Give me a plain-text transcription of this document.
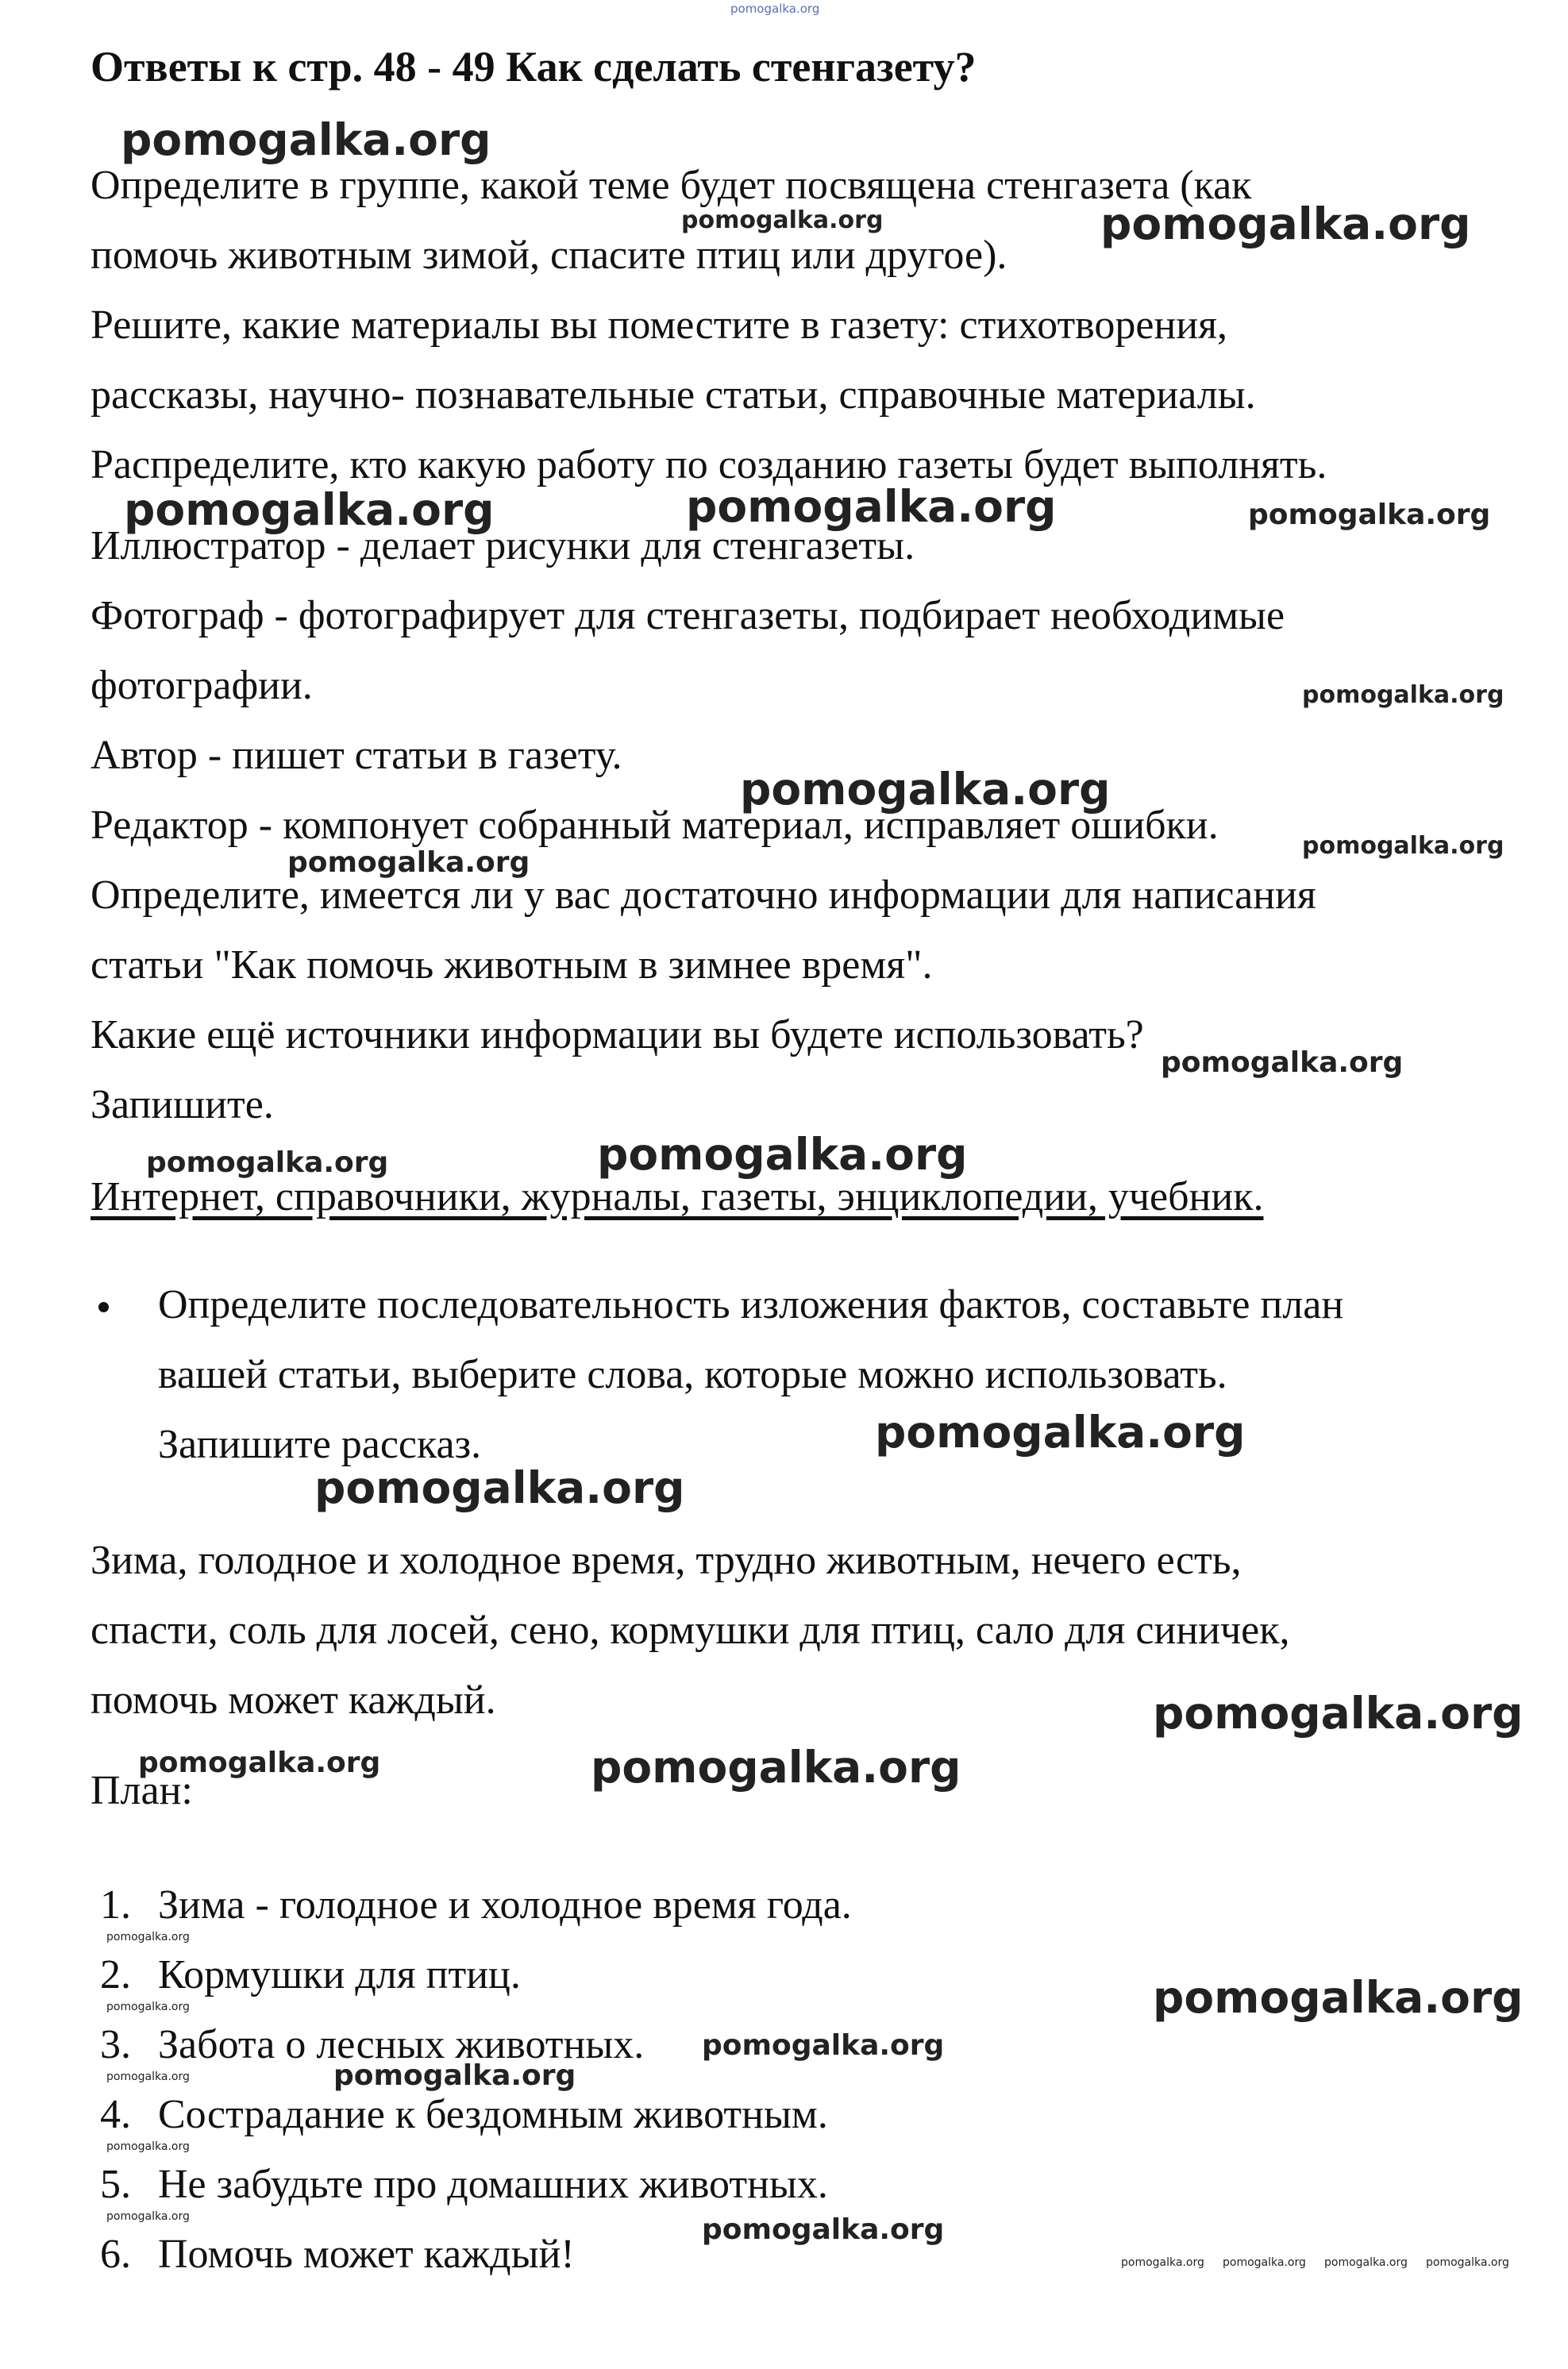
pomogalka.org
Ответы к стр. 48 - 49 Как сделать стенгазету?
Определите в группе, какой теме будет посвящена стенгазета (как
помочь животным зимой, спасите птиц или другое).
Решите, какие материалы вы поместите в газету: стихотворения,
рассказы, научно- познавательные статьи, справочные материалы.
Распределите, кто какую работу по созданию газеты будет выполнять.
Иллюстратор - делает рисунки для стенгазеты.
Фотограф - фотографирует для стенгазеты, подбирает необходимые
фотографии.
Автор - пишет статьи в газету.
Редактор - компонует собранный материал, исправляет ошибки.
Определите, имеется ли у вас достаточно информации для написания
статьи "Как помочь животным в зимнее время".
Какие ещё источники информации вы будете использовать?
Запишите.
Интернет, справочники, журналы, газеты, энциклопедии, учебник.
Определите последовательность изложения фактов, составьте план
вашей статьи, выберите слова, которые можно использовать.
Запишите рассказ.
Зима, голодное и холодное время, трудно животным, нечего есть,
спасти, соль для лосей, сено, кормушки для птиц, сало для синичек,
помочь может каждый.
План:
1. Зима - голодное и холодное время года.
2. Кормушки для птиц.
3. Забота о лесных животных.
4. Сострадание к бездомным животным.
5. Не забудьте про домашних животных.
6. Помочь может каждый!
pomogalka.org
pomogalka.org	pomogalka.org
pomogalka.org	pomogalka.org	pomogalka.org
pomogalka.org
pomogalka.org
pomogalka.org
pomogalka.org
pomogalka.org
pomogalka.org	pomogalka.org
pomogalka.org
pomogalka.org
pomogalka.org
pomogalka.org	pomogalka.org
pomogalka.org
pomogalka.org
pomogalka.org
pomogalka.org
pomogalka.org
pomogalka.org
pomogalka.org
pomogalka.org
pomogalka.org
pomogalka.org pomogalka.org pomogalka.org pomogalka.org
